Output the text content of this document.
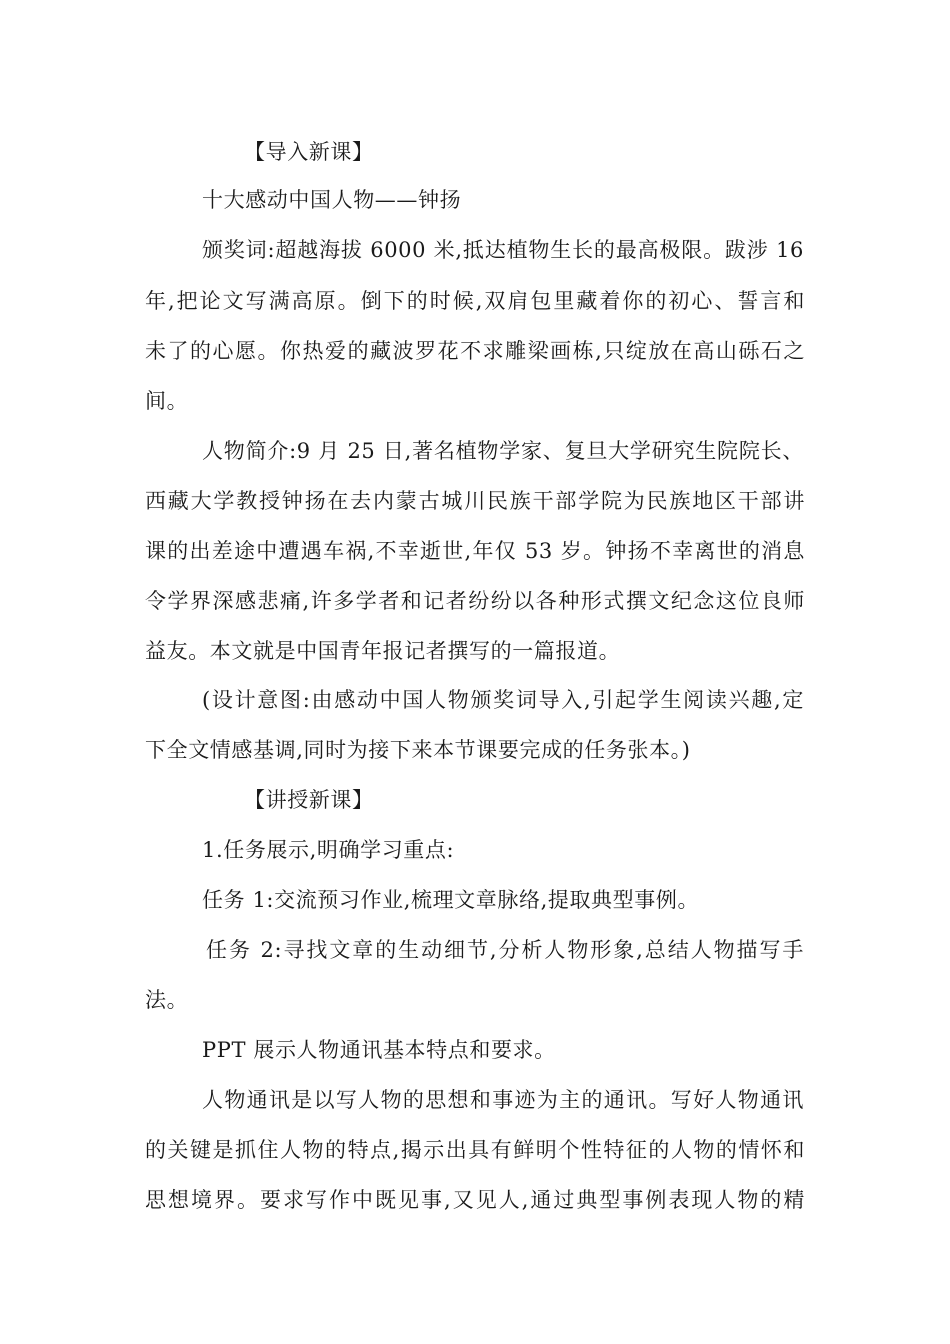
【导入新课】
十大感动中国人物——钟扬
颁奖词:超越海拔 6000 米,抵达植物生长的最高极限。跋涉 16
年,把论文写满高原。倒下的时候,双肩包里藏着你的初心、誓言和
未了的心愿。你热爱的藏波罗花不求雕梁画栋,只绽放在高山砾石之
间。
人物简介:9 月 25 日,著名植物学家、复旦大学研究生院院长、
西藏大学教授钟扬在去内蒙古城川民族干部学院为民族地区干部讲
课的出差途中遭遇车祸,不幸逝世,年仅 53 岁。钟扬不幸离世的消息
令学界深感悲痛,许多学者和记者纷纷以各种形式撰文纪念这位良师
益友。本文就是中国青年报记者撰写的一篇报道。
(设计意图:由感动中国人物颁奖词导入,引起学生阅读兴趣,定
下全文情感基调,同时为接下来本节课要完成的任务张本。)
【讲授新课】
1.任务展示,明确学习重点:
任务 1:交流预习作业,梳理文章脉络,提取典型事例。
任务 2:寻找文章的生动细节,分析人物形象,总结人物描写手
法。
PPT 展示人物通讯基本特点和要求。
人物通讯是以写人物的思想和事迹为主的通讯。写好人物通讯
的关键是抓住人物的特点,揭示出具有鲜明个性特征的人物的情怀和
思想境界。要求写作中既见事,又见人,通过典型事例表现人物的精
